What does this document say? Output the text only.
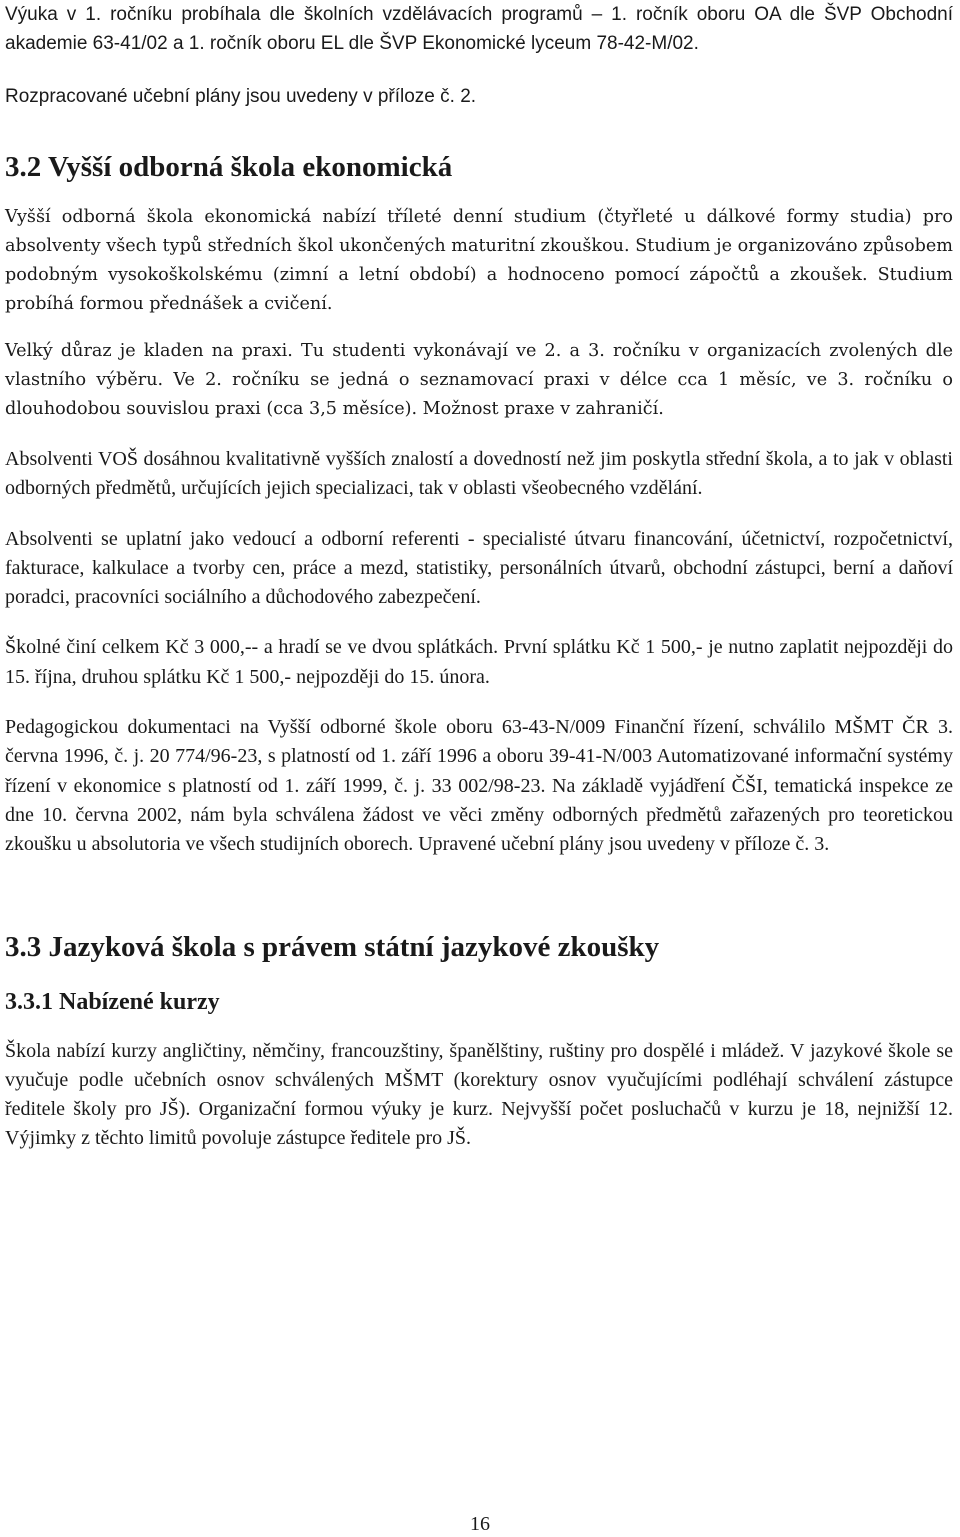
Výuka v 1. ročníku probíhala dle školních vzdělávacích programů – 1. ročník oboru OA dle ŠVP Obchodní akademie 63-41/02 a 1. ročník oboru EL dle ŠVP Ekonomické lyceum 78-42-M/02.

Rozpracované učební plány jsou uvedeny v příloze č. 2.

3.2 Vyšší odborná škola ekonomická

Vyšší odborná škola ekonomická nabízí tříleté denní studium (čtyřleté u dálkové formy studia) pro absolventy všech typů středních škol ukončených maturitní zkouškou. Studium je organizováno způsobem podobným vysokoškolskému (zimní a letní období) a hodnoceno pomocí zápočtů a zkoušek. Studium probíhá formou přednášek a cvičení.

Velký důraz je kladen na praxi. Tu studenti vykonávají ve 2. a 3. ročníku v organizacích zvolených dle vlastního výběru. Ve 2. ročníku se jedná o seznamovací praxi v délce cca 1 měsíc, ve 3. ročníku o dlouhodobou souvislou praxi (cca 3,5 měsíce). Možnost praxe v zahraničí.

Absolventi VOŠ dosáhnou kvalitativně vyšších znalostí a dovedností než jim poskytla střední škola, a to jak v oblasti odborných předmětů, určujících jejich specializaci, tak v oblasti všeobecného vzdělání.

Absolventi se uplatní jako vedoucí a odborní referenti - specialisté útvaru financování, účetnictví, rozpočetnictví, fakturace, kalkulace a tvorby cen, práce a mezd, statistiky, personálních útvarů, obchodní zástupci, berní a daňoví poradci, pracovníci sociálního a důchodového zabezpečení.

Školné činí celkem Kč 3 000,-- a hradí se ve dvou splátkách. První splátku Kč 1 500,- je nutno zaplatit nejpozději do 15. října, druhou splátku Kč 1 500,- nejpozději do 15. února.

Pedagogickou dokumentaci na Vyšší odborné škole oboru 63-43-N/009 Finanční řízení, schválilo MŠMT ČR 3. června 1996, č. j. 20 774/96-23, s platností od 1. září 1996 a oboru 39-41-N/003 Automatizované informační systémy řízení v ekonomice s platností od 1. září 1999, č. j. 33 002/98-23. Na základě vyjádření ČŠI, tematická inspekce ze dne 10. června 2002, nám byla schválena žádost ve věci změny odborných předmětů zařazených pro teoretickou zkoušku u absolutoria ve všech studijních oborech. Upravené učební plány jsou uvedeny v příloze č. 3.

3.3 Jazyková škola s právem státní jazykové zkoušky
3.3.1 Nabízené kurzy

Škola nabízí kurzy angličtiny, němčiny, francouzštiny, španělštiny, ruštiny pro dospělé i mládež. V jazykové škole se vyučuje podle učebních osnov schválených MŠMT (korektury osnov vyučujícími podléhají schválení zástupce ředitele školy pro JŠ). Organizační formou výuky je kurz. Nejvyšší počet posluchačů v kurzu je 18, nejnižší 12. Výjimky z těchto limitů povoluje zástupce ředitele pro JŠ.

16
